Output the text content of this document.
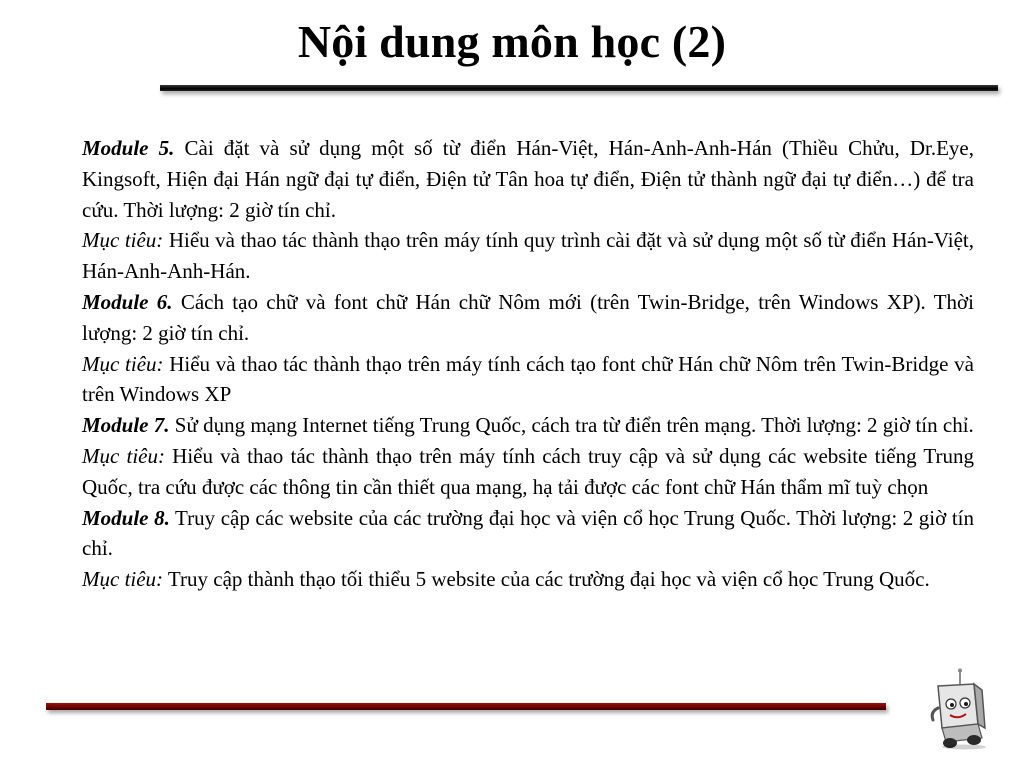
Nội dung môn học (2)

Module 5. Cài đặt và sử dụng một số từ điển Hán-Việt, Hán-Anh-Anh-Hán (Thiều Chửu, Dr.Eye, Kingsoft, Hiện đại Hán ngữ đại tự điển, Điện tử Tân hoa tự điển, Điện tử thành ngữ đại tự điển…) để tra cứu. Thời lượng: 2 giờ tín chỉ.

Mục tiêu: Hiểu và thao tác thành thạo trên máy tính quy trình cài đặt và sử dụng một số từ điển Hán-Việt, Hán-Anh-Anh-Hán.

Module 6. Cách tạo chữ và font chữ Hán chữ Nôm mới (trên Twin-Bridge, trên Windows XP). Thời lượng: 2 giờ tín chỉ.

Mục tiêu: Hiểu và thao tác thành thạo trên máy tính cách tạo font chữ Hán chữ Nôm trên Twin-Bridge và trên Windows XP

Module 7. Sử dụng mạng Internet tiếng Trung Quốc, cách tra từ điển trên mạng. Thời lượng: 2 giờ tín chỉ.

Mục tiêu: Hiểu và thao tác thành thạo trên máy tính cách truy cập và sử dụng các website tiếng Trung Quốc, tra cứu được các thông tin cần thiết qua mạng, hạ tải được các font chữ Hán thẩm mĩ tuỳ chọn

Module 8. Truy cập các website của các trường đại học và viện cổ học Trung Quốc. Thời lượng: 2 giờ tín chỉ.

Mục tiêu: Truy cập thành thạo tối thiểu 5 website của các trường đại học và viện cổ học Trung Quốc.
